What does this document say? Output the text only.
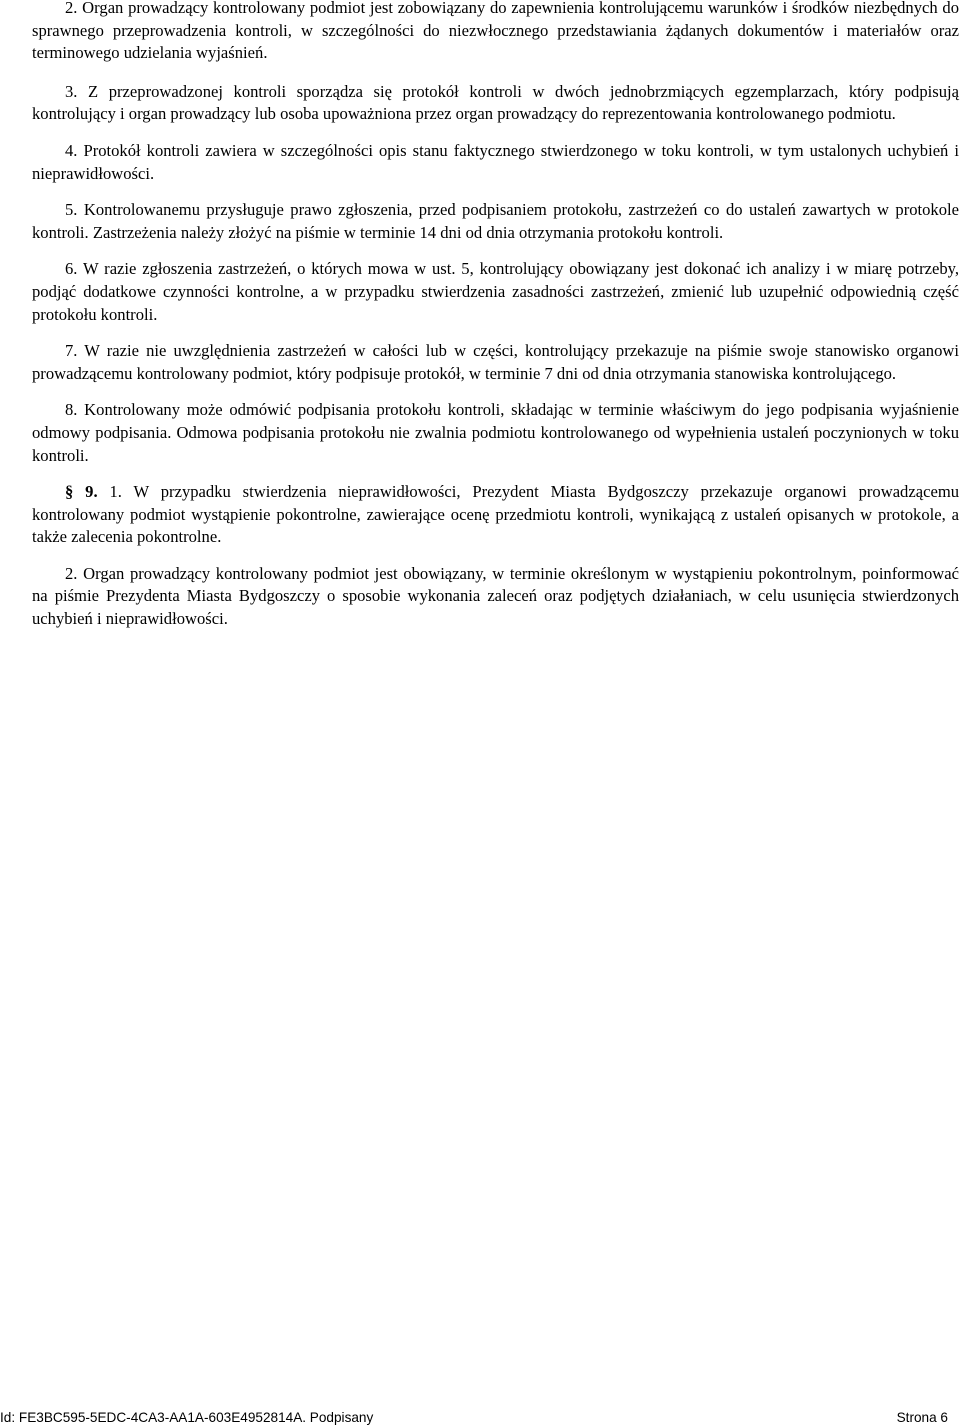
2. Organ prowadzący kontrolowany podmiot jest zobowiązany do zapewnienia kontrolującemu warunków i środków niezbędnych do sprawnego przeprowadzenia kontroli, w szczególności do niezwłocznego przedstawiania żądanych dokumentów i materiałów oraz terminowego udzielania wyjaśnień.

3. Z przeprowadzonej kontroli sporządza się protokół kontroli w dwóch jednobrzmiących egzemplarzach, który podpisują kontrolujący i organ prowadzący lub osoba upoważniona przez organ prowadzący do reprezentowania kontrolowanego podmiotu.

4. Protokół kontroli zawiera w szczególności opis stanu faktycznego stwierdzonego w toku kontroli, w tym ustalonych uchybień i nieprawidłowości.

5. Kontrolowanemu przysługuje prawo zgłoszenia, przed podpisaniem protokołu, zastrzeżeń co do ustaleń zawartych w protokole kontroli. Zastrzeżenia należy złożyć na piśmie w terminie 14 dni od dnia otrzymania protokołu kontroli.

6. W razie zgłoszenia zastrzeżeń, o których mowa w ust. 5, kontrolujący obowiązany jest dokonać ich analizy i w miarę potrzeby, podjąć dodatkowe czynności kontrolne, a w przypadku stwierdzenia zasadności zastrzeżeń, zmienić lub uzupełnić odpowiednią część protokołu kontroli.

7. W razie nie uwzględnienia zastrzeżeń w całości lub w części, kontrolujący przekazuje na piśmie swoje stanowisko organowi prowadzącemu kontrolowany podmiot, który podpisuje protokół, w terminie 7 dni od dnia otrzymania stanowiska kontrolującego.

8. Kontrolowany może odmówić podpisania protokołu kontroli, składając w terminie właściwym do jego podpisania wyjaśnienie odmowy podpisania. Odmowa podpisania protokołu nie zwalnia podmiotu kontrolowanego od wypełnienia ustaleń poczynionych w toku kontroli.

§ 9. 1. W przypadku stwierdzenia nieprawidłowości, Prezydent Miasta Bydgoszczy przekazuje organowi prowadzącemu kontrolowany podmiot wystąpienie pokontrolne, zawierające ocenę przedmiotu kontroli, wynikającą z ustaleń opisanych w protokole, a także zalecenia pokontrolne.

2. Organ prowadzący kontrolowany podmiot jest obowiązany, w terminie określonym w wystąpieniu pokontrolnym, poinformować na piśmie Prezydenta Miasta Bydgoszczy o sposobie wykonania zaleceń oraz podjętych działaniach, w celu usunięcia stwierdzonych uchybień i nieprawidłowości.

Id: FE3BC595-5EDC-4CA3-AA1A-603E4952814A. Podpisany	Strona 6
